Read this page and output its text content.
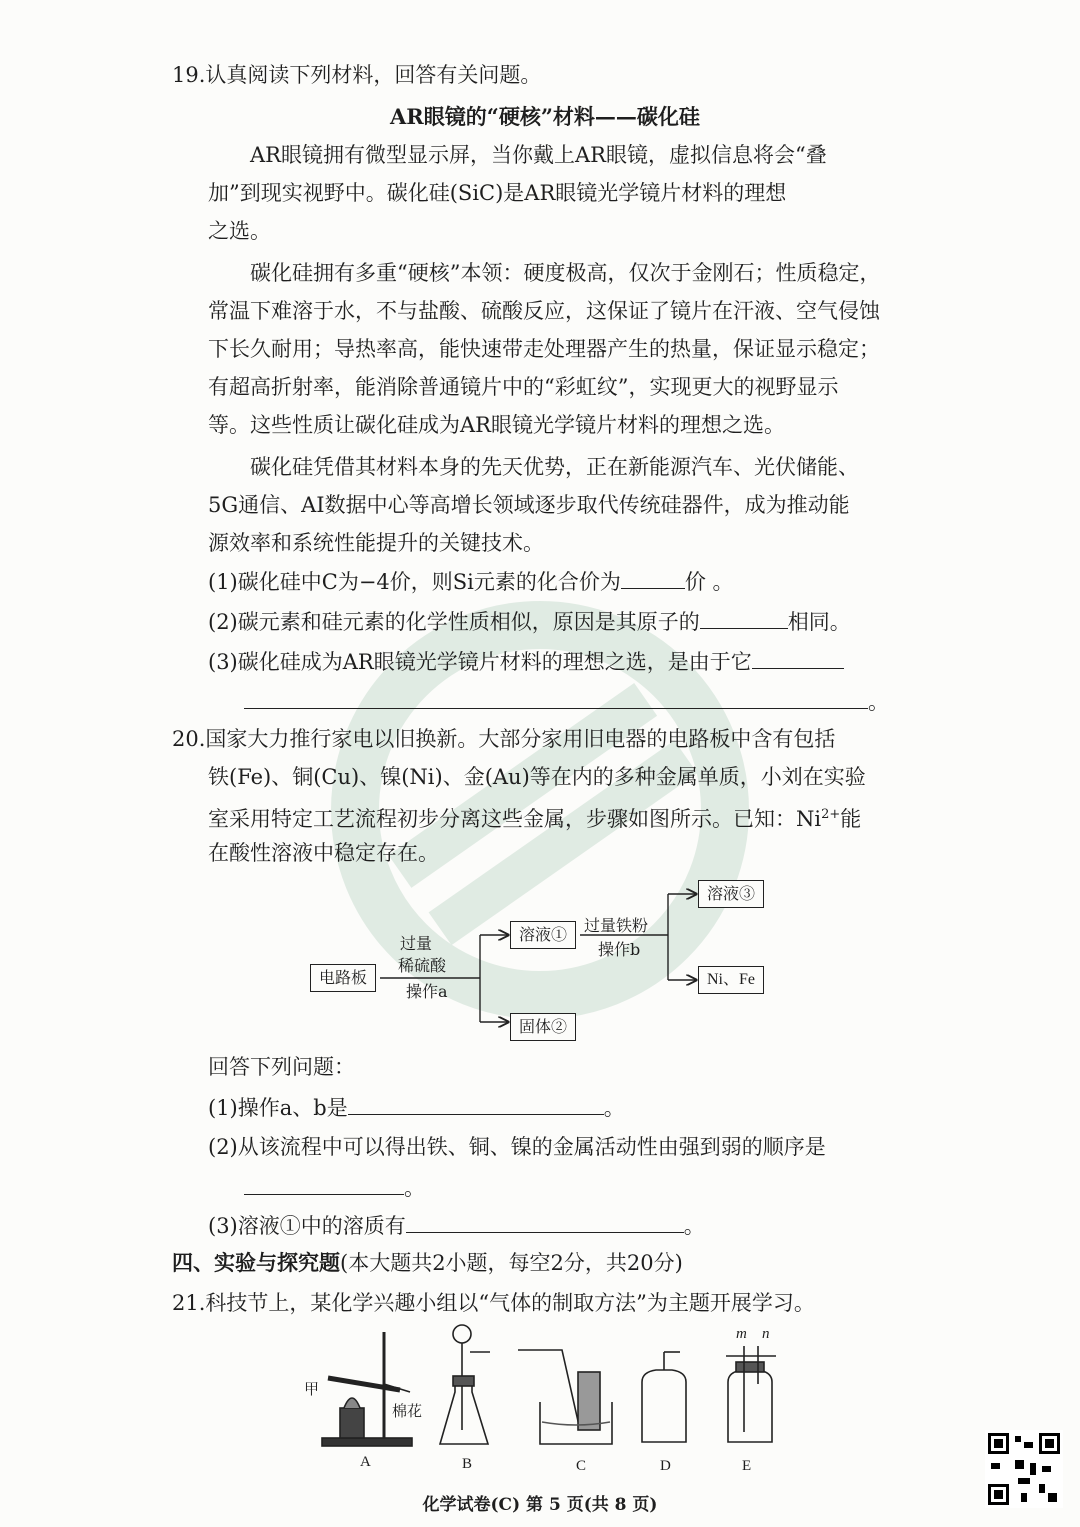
19.认真阅读下列材料，回答有关问题。
AR眼镜的“硬核”材料——碳化硅
AR眼镜拥有微型显示屏，当你戴上AR眼镜，虚拟信息将会“叠
加”到现实视野中。碳化硅(SiC)是AR眼镜光学镜片材料的理想
之选。
碳化硅拥有多重“硬核”本领：硬度极高，仅次于金刚石；性质稳定，
常温下难溶于水，不与盐酸、硫酸反应，这保证了镜片在汗液、空气侵蚀
下长久耐用；导热率高，能快速带走处理器产生的热量，保证显示稳定；
有超高折射率，能消除普通镜片中的“彩虹纹”，实现更大的视野显示
等。这些性质让碳化硅成为AR眼镜光学镜片材料的理想之选。
碳化硅凭借其材料本身的先天优势，正在新能源汽车、光伏储能、
5G通信、AI数据中心等高增长领域逐步取代传统硅器件，成为推动能
源效率和系统性能提升的关键技术。
(1)碳化硅中C为−4价，则Si元素的化合价为	价 。
(2)碳元素和硅元素的化学性质相似，原因是其原子的	相同。
(3)碳化硅成为AR眼镜光学镜片材料的理想之选，是由于它
。
20.国家大力推行家电以旧换新。大部分家用旧电器的电路板中含有包括
铁(Fe)、铜(Cu)、镍(Ni)、金(Au)等在内的多种金属单质，小刘在实验
室采用特定工艺流程初步分离这些金属，步骤如图所示。已知：$Ni^{2+}$能
在酸性溶液中稳定存在。
电路板
过量
稀硫酸
操作a
溶液①
固体②
过量铁粉
操作b
溶液③
Ni、Fe
回答下列问题：
(1)操作a、b是	。
(2)从该流程中可以得出铁、铜、镍的金属活动性由强到弱的顺序是
。
(3)溶液①中的溶质有	。
四、实验与探究题(本大题共2小题，每空2分，共20分)
21.科技节上，某化学兴趣小组以“气体的制取方法”为主题开展学习。
甲
棉花
m n
A	B	C	D	E
化学试卷(C) 第 5 页(共 8 页)
